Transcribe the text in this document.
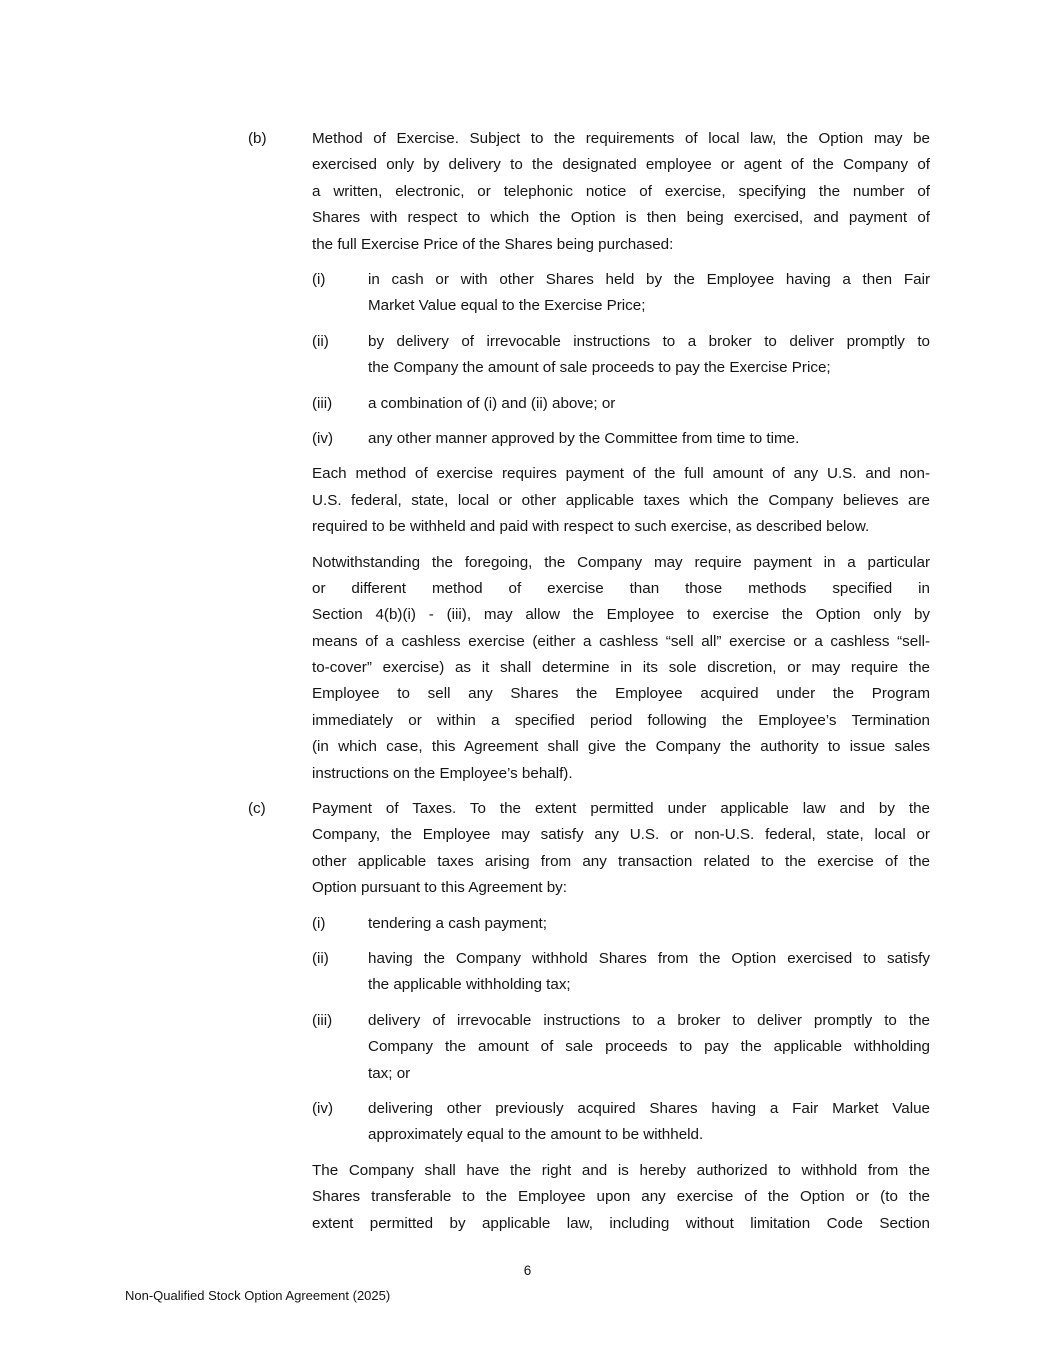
(b)	Method of Exercise. Subject to the requirements of local law, the Option may be
exercised only by delivery to the designated employee or agent of the Company of
a written, electronic, or telephonic notice of exercise, specifying the number of
Shares with respect to which the Option is then being exercised, and payment of
the full Exercise Price of the Shares being purchased:
(i)	in cash or with other Shares held by the Employee having a then Fair
Market Value equal to the Exercise Price;
(ii)	by delivery of irrevocable instructions to a broker to deliver promptly to
the Company the amount of sale proceeds to pay the Exercise Price;
(iii)	a combination of (i) and (ii) above; or
(iv)	any other manner approved by the Committee from time to time.
Each method of exercise requires payment of the full amount of any U.S. and non-
U.S. federal, state, local or other applicable taxes which the Company believes are
required to be withheld and paid with respect to such exercise, as described below.
Notwithstanding the foregoing, the Company may require payment in a particular
or different method of exercise than those methods specified in
Section 4(b)(i) - (iii), may allow the Employee to exercise the Option only by
means of a cashless exercise (either a cashless “sell all” exercise or a cashless “sell-
to-cover” exercise) as it shall determine in its sole discretion, or may require the
Employee to sell any Shares the Employee acquired under the Program
immediately or within a specified period following the Employee’s Termination
(in which case, this Agreement shall give the Company the authority to issue sales
instructions on the Employee’s behalf).
(c)	Payment of Taxes. To the extent permitted under applicable law and by the
Company, the Employee may satisfy any U.S. or non-U.S. federal, state, local or
other applicable taxes arising from any transaction related to the exercise of the
Option pursuant to this Agreement by:
(i)	tendering a cash payment;
(ii)	having the Company withhold Shares from the Option exercised to satisfy
the applicable withholding tax;
(iii)	delivery of irrevocable instructions to a broker to deliver promptly to the
Company the amount of sale proceeds to pay the applicable withholding
tax; or
(iv)	delivering other previously acquired Shares having a Fair Market Value
approximately equal to the amount to be withheld.
The Company shall have the right and is hereby authorized to withhold from the
Shares transferable to the Employee upon any exercise of the Option or (to the
extent permitted by applicable law, including without limitation Code Section
6
Non-Qualified Stock Option Agreement (2025)
